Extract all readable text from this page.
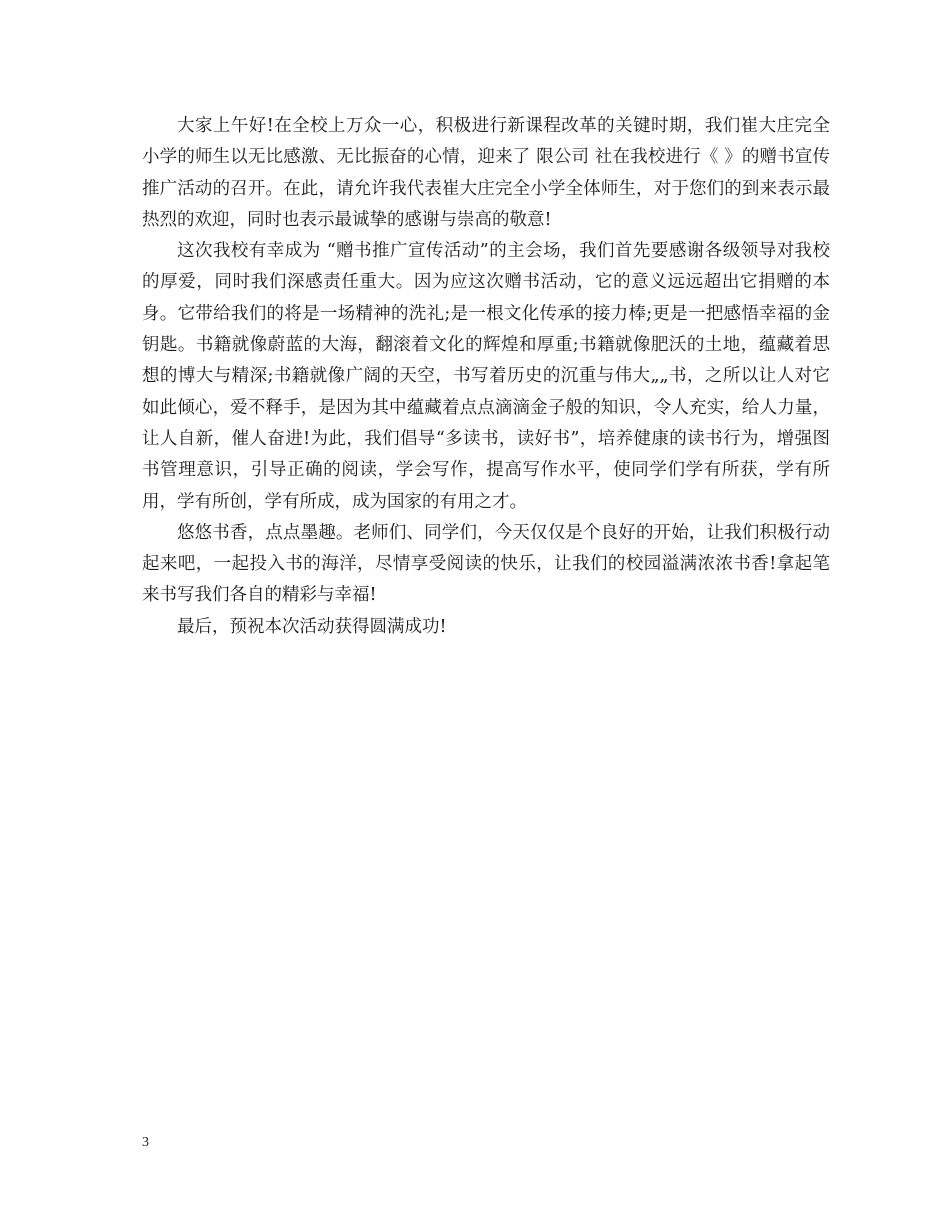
大家上午好!在全校上万众一心，积极进行新课程改革的关键时期，我们崔大庄完全小学的师生以无比感激、无比振奋的心情，迎来了 限公司 社在我校进行《 》的赠书宣传推广活动的召开。在此，请允许我代表崔大庄完全小学全体师生，对于您们的到来表示最热烈的欢迎，同时也表示最诚挚的感谢与崇高的敬意!

这次我校有幸成为 “赠书推广宣传活动”的主会场，我们首先要感谢各级领导对我校的厚爱，同时我们深感责任重大。因为应这次赠书活动，它的意义远远超出它捐赠的本身。它带给我们的将是一场精神的洗礼;是一根文化传承的接力棒;更是一把感悟幸福的金钥匙。书籍就像蔚蓝的大海，翻滚着文化的辉煌和厚重;书籍就像肥沃的土地，蕴藏着思想的博大与精深;书籍就像广阔的天空，书写着历史的沉重与伟大„„书，之所以让人对它如此倾心，爱不释手，是因为其中蕴藏着点点滴滴金子般的知识，令人充实，给人力量，让人自新，催人奋进!为此，我们倡导“多读书，读好书”，培养健康的读书行为，增强图书管理意识，引导正确的阅读，学会写作，提高写作水平，使同学们学有所获，学有所用，学有所创，学有所成，成为国家的有用之才。

悠悠书香，点点墨趣。老师们、同学们，今天仅仅是个良好的开始，让我们积极行动起来吧，一起投入书的海洋，尽情享受阅读的快乐，让我们的校园溢满浓浓书香!拿起笔来书写我们各自的精彩与幸福!

最后，预祝本次活动获得圆满成功!

3
